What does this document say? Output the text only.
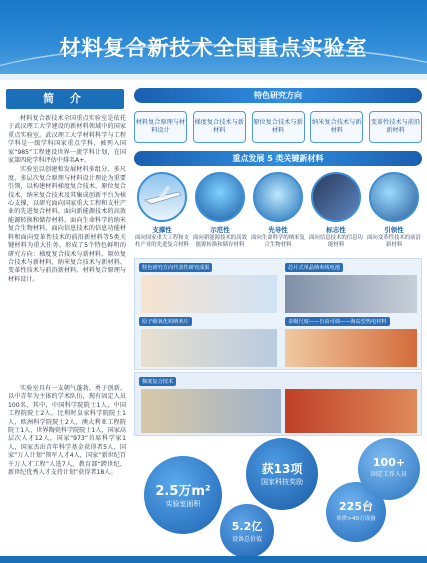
材料复合新技术全国重点实验室
简 介

材料复合新技术全国重点实验室是依托于武汉理工大学建设的新材料领域中的国家重点实验室。武汉理工大学材料科学与工程学科是一级学科国家重点学科，被列入国家“985”工程建设世界一流学科计划，在国家第四轮学科评估中排名A+。

实验室以创建和发展材料多组分、多尺度、多层次复合原理与材料设计理论为重要引领，以构建材料梯度复合技术、原位复合技术、纳米复合技术及其集成创新平台为核心支撑，以研究面向国家重大工程和支柱产业的先进复合材料、面向新能源技术的高效能源转换和储存材料、面向生命科学的纳米复合生物材料、面向信息技术的信息功能材料和面向变革性技术的前沿新材料等5类关键材料为重大任务。形成了5个特色鲜明的研究方向：梯度复合技术与新材料、原位复合技术与新材料、纳米复合技术与新材料、变革性技术与前沿新材料、材料复合原理与材料设计。

实验室具有一支朝气蓬勃、勇于创新、以中青年为主体的学术队伍，现有固定人员100名，其中，中国科学院院士1人，中国工程院院士2人，比利时皇家科学院院士1人，欧洲科学院院士2人，澳大利亚工程院院士1人，世界陶瓷科学院院士1人，国家高层次人才12人，国家“973”首席科学家1人，国家杰出青年科学基金获得者5人，国家“万人计划”领军人才4人，国家“新世纪百千万人才工程”人选7人，教育部“跨世纪、新世纪优秀人才支持计划”获得者18人。

特色研究方向
材料复合原理与材料设计
梯度复合技术与新材料
原位复合技术与新材料
纳米复合技术与新材料
变革性技术与前沿新材料
重点发展 5 类关键新材料
支撑性
面向国家重大工程和支柱产业的先进复合材料
示范性
面向新能源技术的高效能源转换和储存材料
先导性
面向生命科学的纳米复合生物材料
标志性
面向信息技术的信息功能材料
引领性
面向变革性技术的前沿新材料
特色研究方向代表性研究成果	芯片式单晶纳米线电池
原子级氧化钨纳米片	多级尺度——自由可调——海岛型热电材料
梯度复合技术
2.5万m²
实验室面积
获13项
国家科技奖励
225台
单价>40万设备
100+
固定工作人员
5.2亿
设备总价值
